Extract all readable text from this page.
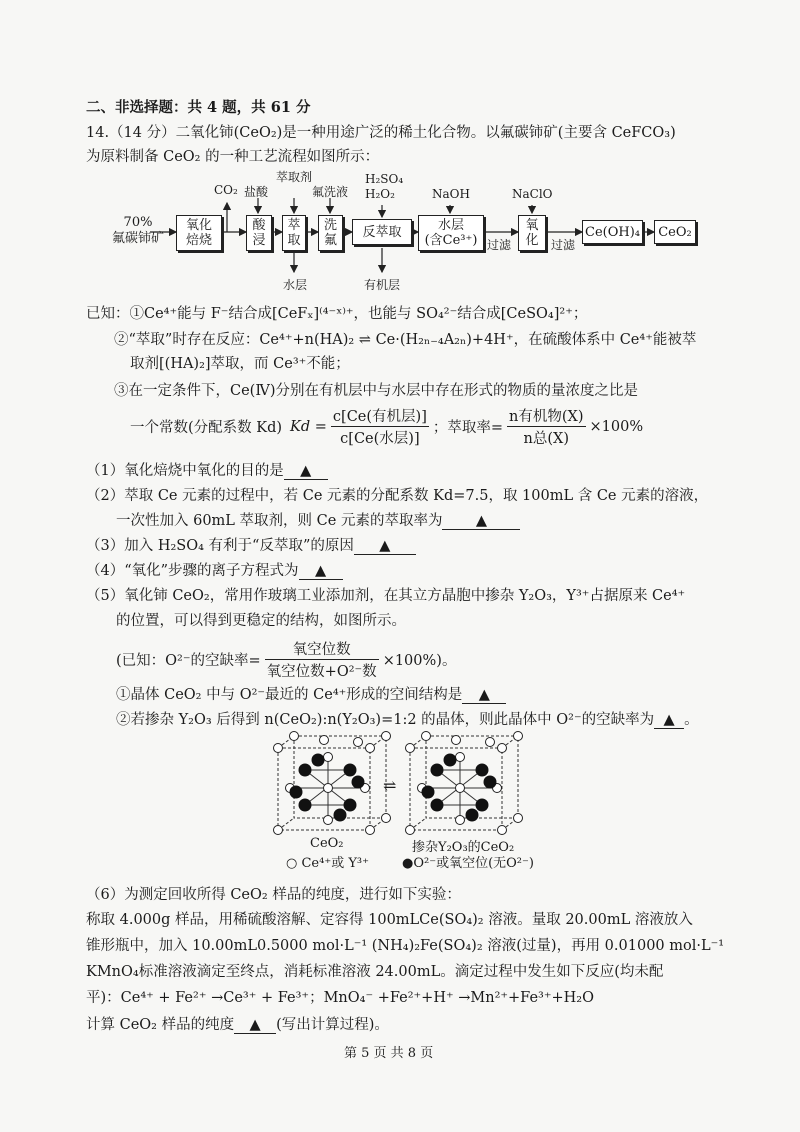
二、非选择题：共 4 题，共 61 分
14.（14 分）二氧化铈(CeO₂)是一种用途广泛的稀土化合物。以氟碳铈矿(主要含 CeFCO₃)
为原料制备 CeO₂ 的一种工艺流程如图所示：
70%
氟碳铈矿
CO₂ 盐酸
萃取剂
氟洗液
H₂SO₄
H₂O₂	NaOH	NaClO
氧化
焙烧
酸
浸
萃
取
洗
氟
反萃取	水层
(含Ce³⁺) 过滤
氧
化	过滤
Ce(OH)₄	CeO₂
水层	有机层
已知：①Ce⁴⁺能与 F⁻结合成[CeFₓ]⁽⁴⁻ˣ⁾⁺，也能与 SO₄²⁻结合成[CeSO₄]²⁺；
②“萃取”时存在反应：Ce⁴⁺+n(HA)₂ ⇌ Ce·(H₂ₙ₋₄A₂ₙ)+4H⁺，在硫酸体系中 Ce⁴⁺能被萃
取剂[(HA)₂]萃取，而 Ce³⁺不能；
③在一定条件下，Ce(Ⅳ)分别在有机层中与水层中存在形式的物质的量浓度之比是
一个常数(分配系数 Kd) $Kd = \frac{\text{c[Ce(有机层)]}}{\text{c[Ce(水层)]}}$ ；萃取率= $\frac{\text{n有机物(X)}}{\text{n总(X)}} \times 100\%$
（1）氧化焙烧中氧化的目的是 ▲
（2）萃取 Ce 元素的过程中，若 Ce 元素的分配系数 Kd=7.5，取 100mL 含 Ce 元素的溶液，
一次性加入 60mL 萃取剂，则 Ce 元素的萃取率为 ▲
（3）加入 H₂SO₄ 有利于“反萃取”的原因 ▲
（4）“氧化”步骤的离子方程式为 ▲
（5）氧化铈 CeO₂，常用作玻璃工业添加剂，在其立方晶胞中掺杂 Y₂O₃，Y³⁺占据原来 Ce⁴⁺
的位置，可以得到更稳定的结构，如图所示。
(已知：O²⁻的空缺率= $\frac{\text{氧空位数}}{\text{氧空位数+O²⁻数}} \times 100\%$)。
①晶体 CeO₂ 中与 O²⁻最近的 Ce⁴⁺形成的空间结构是 ▲
②若掺杂 Y₂O₃ 后得到 n(CeO₂):n(Y₂O₃)=1:2 的晶体，则此晶体中 O²⁻的空缺率为 ▲ 。
⇌
CeO₂	掺杂Y₂O₃的CeO₂
○ Ce⁴⁺或 Y³⁺	●O²⁻或氧空位(无O²⁻)
（6）为测定回收所得 CeO₂ 样品的纯度，进行如下实验：
称取 4.000g 样品，用稀硫酸溶解、定容得 100mLCe(SO₄)₂ 溶液。量取 20.00mL 溶液放入
锥形瓶中，加入 10.00mL0.5000 mol·L⁻¹ (NH₄)₂Fe(SO₄)₂ 溶液(过量)，再用 0.01000 mol·L⁻¹
KMnO₄标准溶液滴定至终点，消耗标准溶液 24.00mL。滴定过程中发生如下反应(均未配
平)：Ce⁴⁺ + Fe²⁺ →Ce³⁺ + Fe³⁺；MnO₄⁻ +Fe²⁺+H⁺ →Mn²⁺+Fe³⁺+H₂O
计算 CeO₂ 样品的纯度 ▲ (写出计算过程)。
第 5 页 共 8 页
